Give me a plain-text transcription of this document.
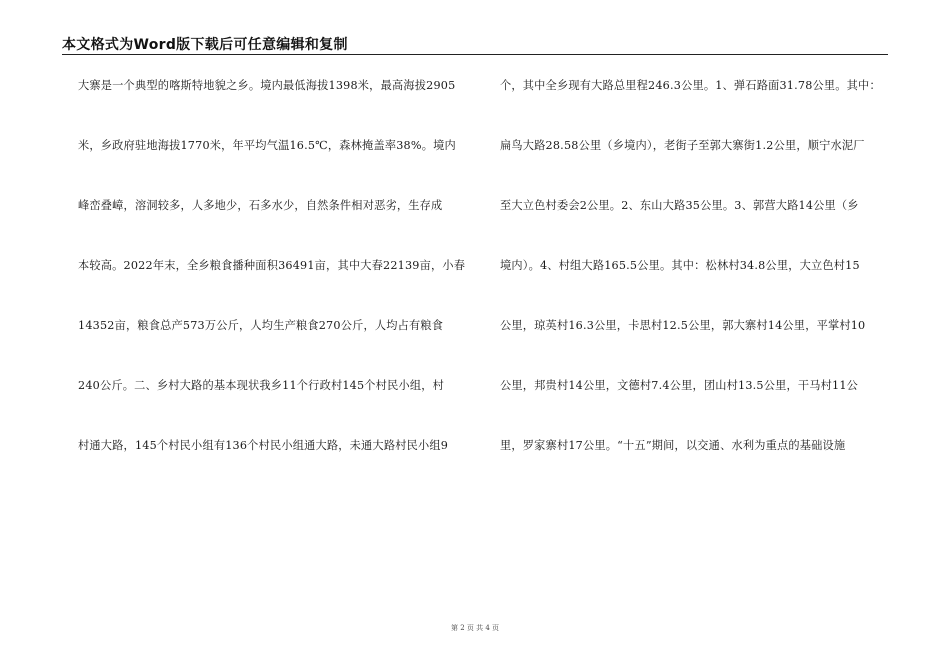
本文格式为Word版下载后可任意编辑和复制
大寨是一个典型的喀斯特地貌之乡。境内最低海拔1398米，最高海拔2905
米，乡政府驻地海拔1770米，年平均气温16.5℃，森林掩盖率38%。境内
峰峦叠嶂，溶洞较多，人多地少，石多水少，自然条件相对恶劣，生存成
本较高。2022年末，全乡粮食播种面积36491亩，其中大春22139亩，小春
14352亩，粮食总产573万公斤，人均生产粮食270公斤，人均占有粮食
240公斤。二、乡村大路的基本现状我乡11个行政村145个村民小组，村
村通大路，145个村民小组有136个村民小组通大路，未通大路村民小组9
个，其中全乡现有大路总里程246.3公里。1、弹石路面31.78公里。其中：
扁鸟大路28.58公里（乡境内），老街子至郭大寨街1.2公里，顺宁水泥厂
至大立色村委会2公里。2、东山大路35公里。3、郭营大路14公里（乡
境内）。4、村组大路165.5公里。其中：松林村34.8公里，大立色村15
公里，琼英村16.3公里，卡思村12.5公里，郭大寨村14公里，平掌村10
公里，邦贵村14公里，文德村7.4公里，团山村13.5公里，干马村11公
里，罗家寨村17公里。“十五”期间，以交通、水利为重点的基础设施
第 2 页 共 4 页
